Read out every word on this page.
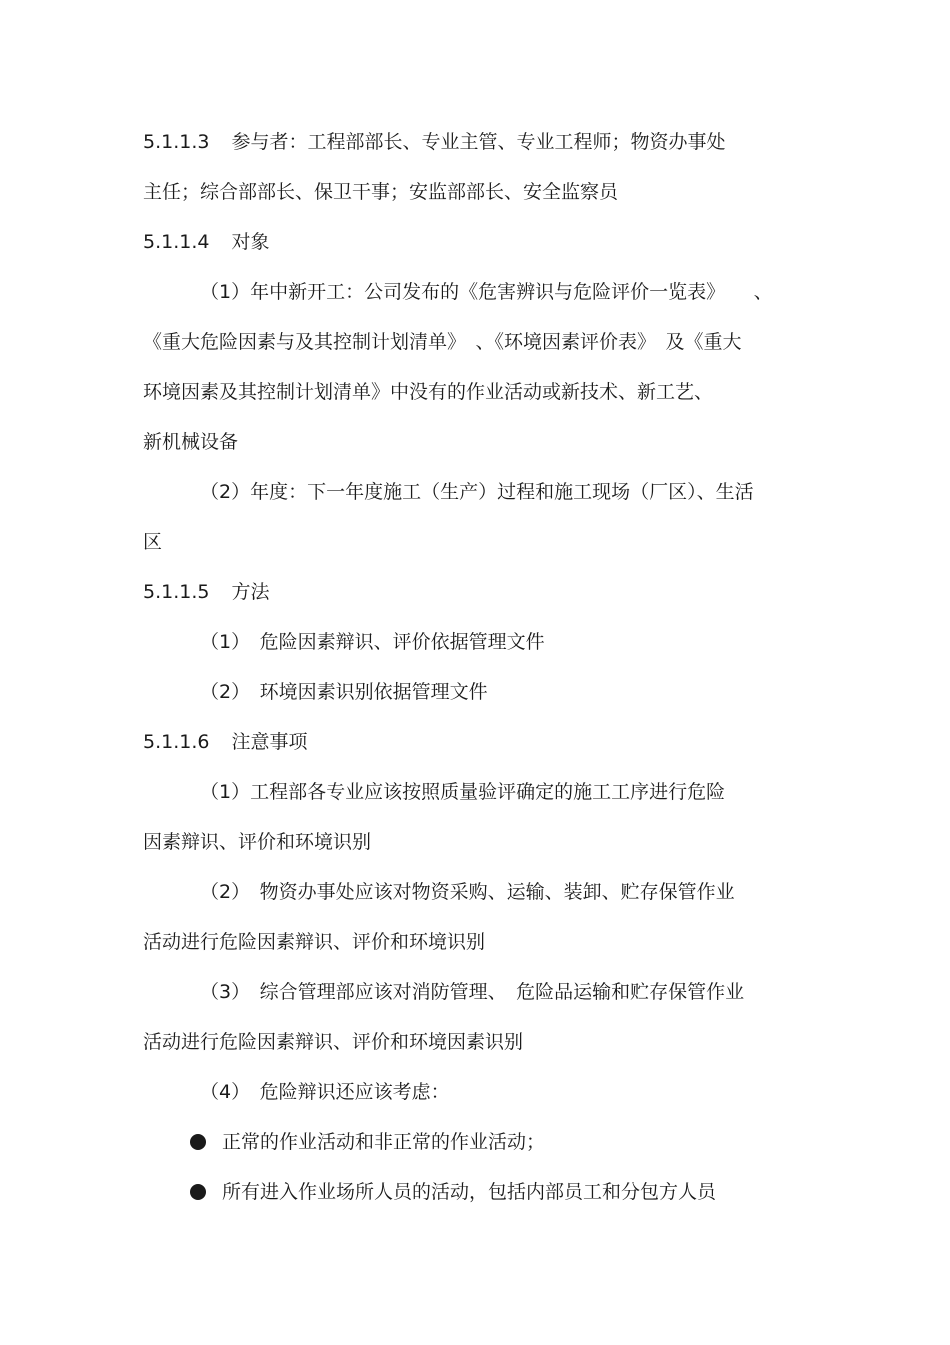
5.1.1.3 参与者：工程部部长、专业主管、专业工程师；物资办事处
主任；综合部部长、保卫干事；安监部部长、安全监察员
5.1.1.4 对象
（1）年中新开工：公司发布的《危害辨识与危险评价一览表》　　、
《重大危险因素与及其控制计划清单》　、《环境因素评价表》　及《重大
环境因素及其控制计划清单》中没有的作业活动或新技术、新工艺、
新机械设备
（2）年度：下一年度施工（生产）过程和施工现场（厂区）、生活
区
5.1.1.5 方法
（1）　危险因素辩识、评价依据管理文件
（2）　环境因素识别依据管理文件
5.1.1.6 注意事项
（1）工程部各专业应该按照质量验评确定的施工工序进行危险
因素辩识、评价和环境识别
（2）　物资办事处应该对物资采购、运输、装卸、贮存保管作业
活动进行危险因素辩识、评价和环境识别
（3）　综合管理部应该对消防管理、　危险品运输和贮存保管作业
活动进行危险因素辩识、评价和环境因素识别
（4）　危险辩识还应该考虑：
正常的作业活动和非正常的作业活动；
所有进入作业场所人员的活动，包括内部员工和分包方人员
